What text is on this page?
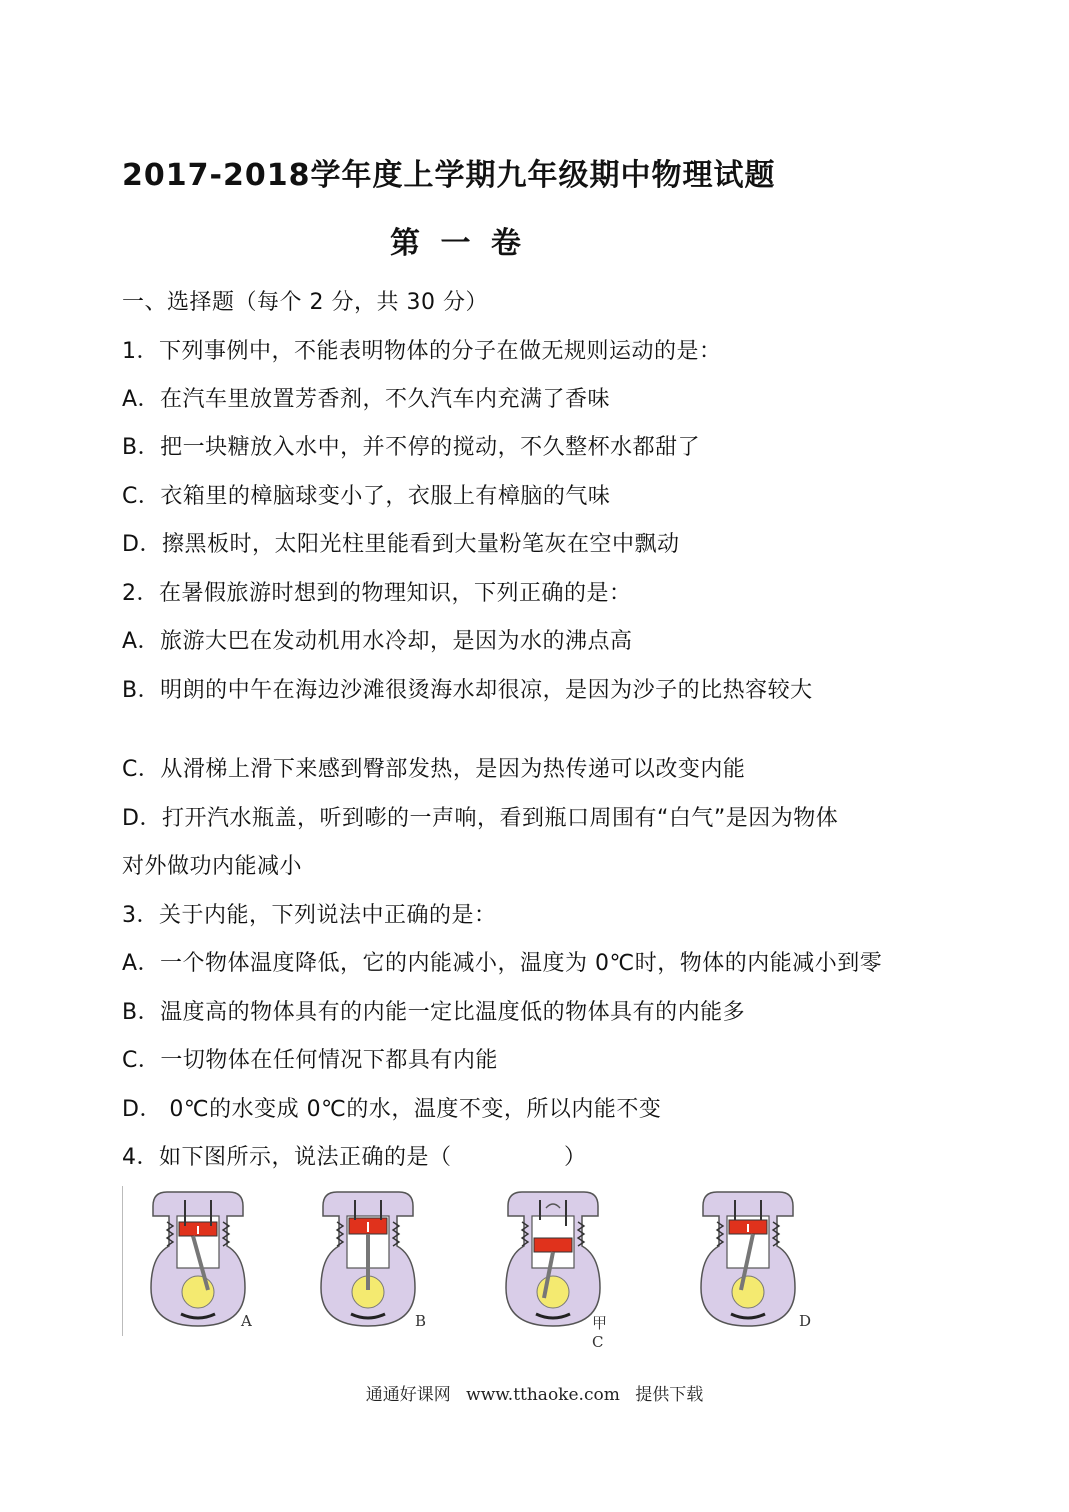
2017-2018学年度上学期九年级期中物理试题
第 一 卷
一、选择题（每个 2 分，共 30 分）
1．下列事例中，不能表明物体的分子在做无规则运动的是：
A．在汽车里放置芳香剂，不久汽车内充满了香味
B．把一块糖放入水中，并不停的搅动，不久整杯水都甜了
C．衣箱里的樟脑球变小了，衣服上有樟脑的气味
D．擦黑板时，太阳光柱里能看到大量粉笔灰在空中飘动
2．在暑假旅游时想到的物理知识，下列正确的是：
A．旅游大巴在发动机用水冷却，是因为水的沸点高
B．明朗的中午在海边沙滩很烫海水却很凉，是因为沙子的比热容较大
C．从滑梯上滑下来感到臀部发热，是因为热传递可以改变内能
D．打开汽水瓶盖，听到嘭的一声响，看到瓶口周围有“白气”是因为物体
对外做功内能减小
3．关于内能，下列说法中正确的是：
A．一个物体温度降低，它的内能减小，温度为 0℃时，物体的内能减小到零
B．温度高的物体具有的内能一定比温度低的物体具有的内能多
C．一切物体在任何情况下都具有内能
D． 0℃的水变成 0℃的水，温度不变，所以内能不变
4．如下图所示，说法正确的是（　　　　　）
A	B	甲C
D
通通好课网 www.tthaoke.com 提供下载
